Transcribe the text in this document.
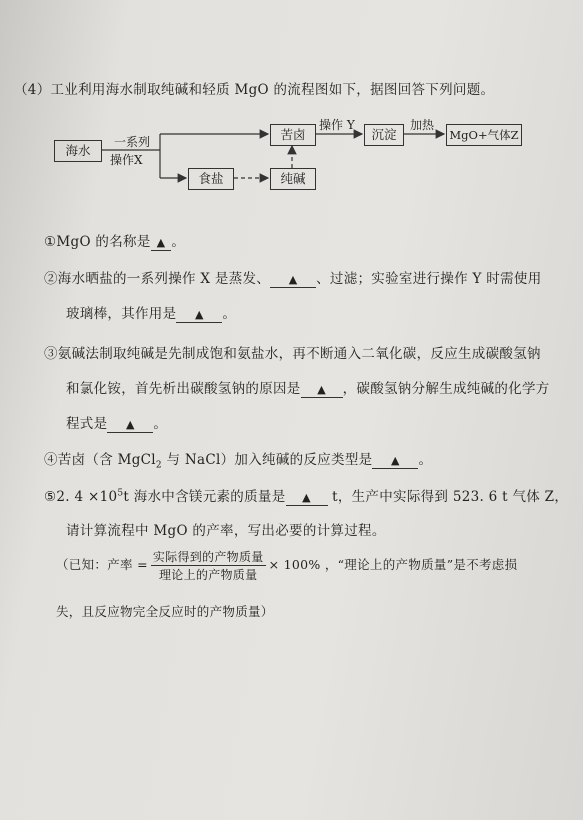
（4）工业利用海水制取纯碱和轻质 MgO 的流程图如下，据图回答下列问题。
海水
一系列
操作X
苦卤
操作 Y
沉淀
加热
MgO+气体Z
食盐	纯碱
①MgO 的名称是 ▲ 。
②海水晒盐的一系列操作 X 是蒸发、 ▲ 、过滤；实验室进行操作 Y 时需使用
玻璃棒，其作用是 ▲ 。
③氨碱法制取纯碱是先制成饱和氨盐水，再不断通入二氧化碳，反应生成碳酸氢钠
和氯化铵，首先析出碳酸氢钠的原因是 ▲ ，碳酸氢钠分解生成纯碱的化学方
程式是 ▲ 。
④苦卤（含 MgCl$_2$ 与 NaCl）加入纯碱的反应类型是 ▲ 。
⑤2. $4 \times 10^5t$ 海水中含镁元素的质量是 ▲ t，生产中实际得到 523. 6 t 气体 Z，
请计算流程中 MgO 的产率，写出必要的计算过程。
（已知：产率 = $\frac{\text{实际得到的产物质量}}{\text{理论上的产物质量}} \times 100\%$ ，“理论上的产物质量”是不考虑损
失，且反应物完全反应时的产物质量）
